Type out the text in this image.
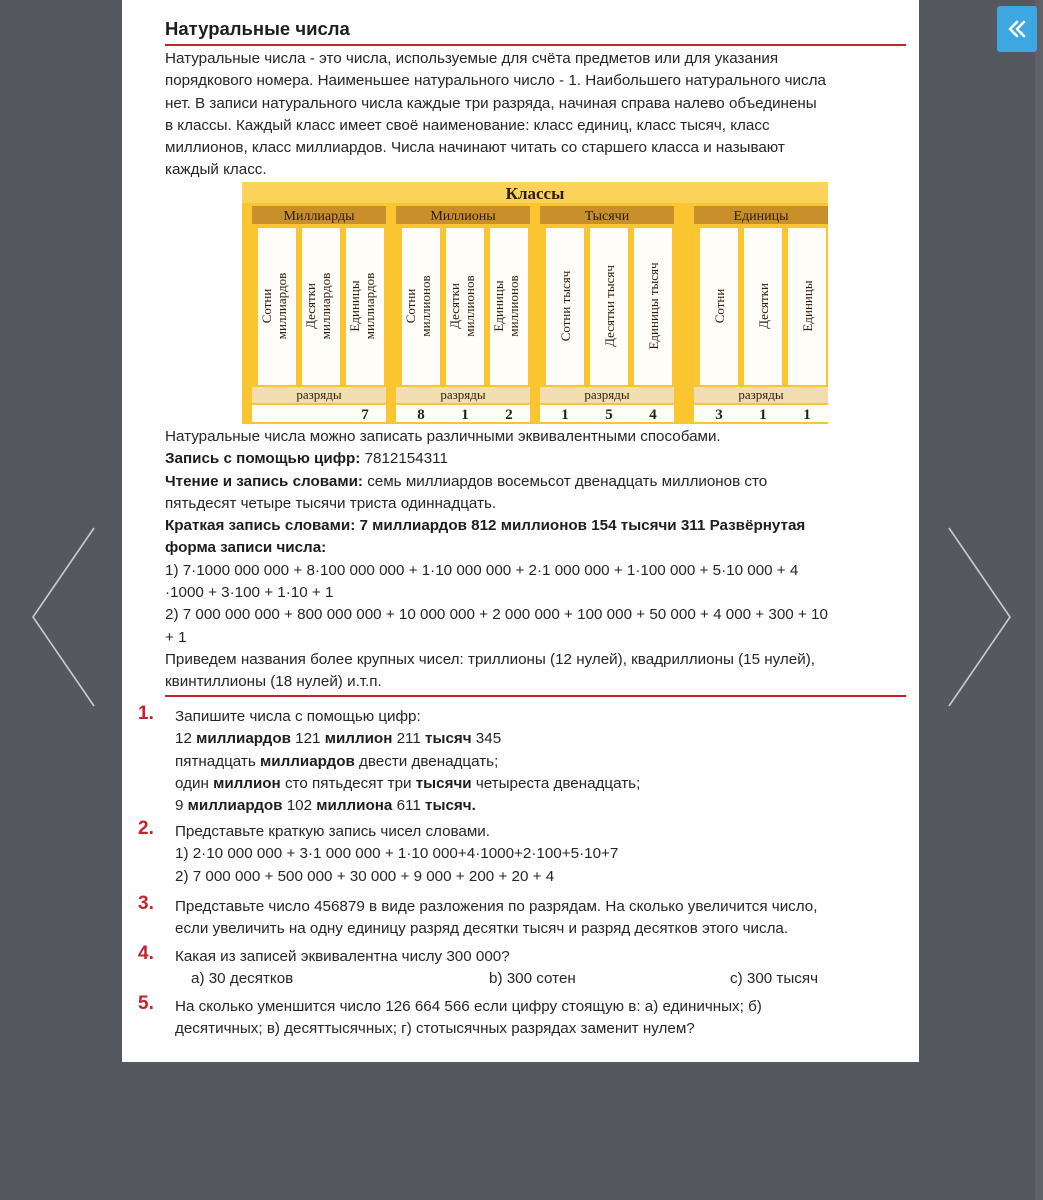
Натуральные числа
Натуральные числа - это числа, используемые для счёта предметов или для указания
порядкового номера. Наименьшее натурального число - 1. Наибольшего натурального числа
нет. В записи натурального числа каждые три разряда, начиная справа налево объединены
в классы. Каждый класс имеет своё наименование: класс единиц, класс тысяч, класс
миллионов, класс миллиардов. Числа начинают читать со старшего класса и называют
каждый класс.
Классы
Миллиарды
Сотни миллиардов Десятки миллиардов Единицы миллиардов
разряды
7
Миллионы
Сотни миллионов Десятки миллионов Единицы миллионов
разряды
8 1 2
Тысячи
Сотни тысяч Десятки тысяч Единицы тысяч
разряды
1 5 4
Единицы
Сотни Десятки Единицы
разряды
3 1 1

Натуральные числа можно записать различными эквивалентными способами.

Запись с помощью цифр: 7812154311

Чтение и запись словами: семь миллиардов восемьсот двенадцать миллионов сто

пятьдесят четыре тысячи триста одиннадцать.

Краткая запись словами: 7 миллиардов 812 миллионов 154 тысячи 311 Развёрнутая

форма записи числа:

1) 7·1000 000 000 + 8·100 000 000 + 1·10 000 000 + 2·1 000 000 + 1·100 000 + 5·10 000 + 4

·1000 + 3·100 + 1·10 + 1

2) 7 000 000 000 + 800 000 000 + 10 000 000 + 2 000 000 + 100 000 + 50 000 + 4 000 + 300 + 10

+ 1

Приведем названия более крупных чисел: триллионы (12 нулей), квадриллионы (15 нулей),

квинтиллионы (18 нулей) и.т.п.

1. Запишите числа с помощью цифр:

12 миллиардов 121 миллион 211 тысяч 345

пятнадцать миллиардов двести двенадцать;

один миллион сто пятьдесят три тысячи четыреста двенадцать;

9 миллиардов 102 миллиона 611 тысяч.

2. Представьте краткую запись чисел словами.

1) 2·10 000 000 + 3·1 000 000 + 1·10 000+4·1000+2·100+5·10+7

2) 7 000 000 + 500 000 + 30 000 + 9 000 + 200 + 20 + 4

3. Представьте число 456879 в виде разложения по разрядам. На сколько увеличится число,

если увеличить на одну единицу разряд десятки тысяч и разряд десятков этого числа.

4. Какая из записей эквивалентна числу 300 000?

а) 30 десятков	b) 300 сотен	c) 300 тысяч
5. На сколько уменшится число 126 664 566 если цифру стоящую в: а) единичных; б)

десятичных; в) десяттысячных; г) стотысячных разрядах заменит нулем?
